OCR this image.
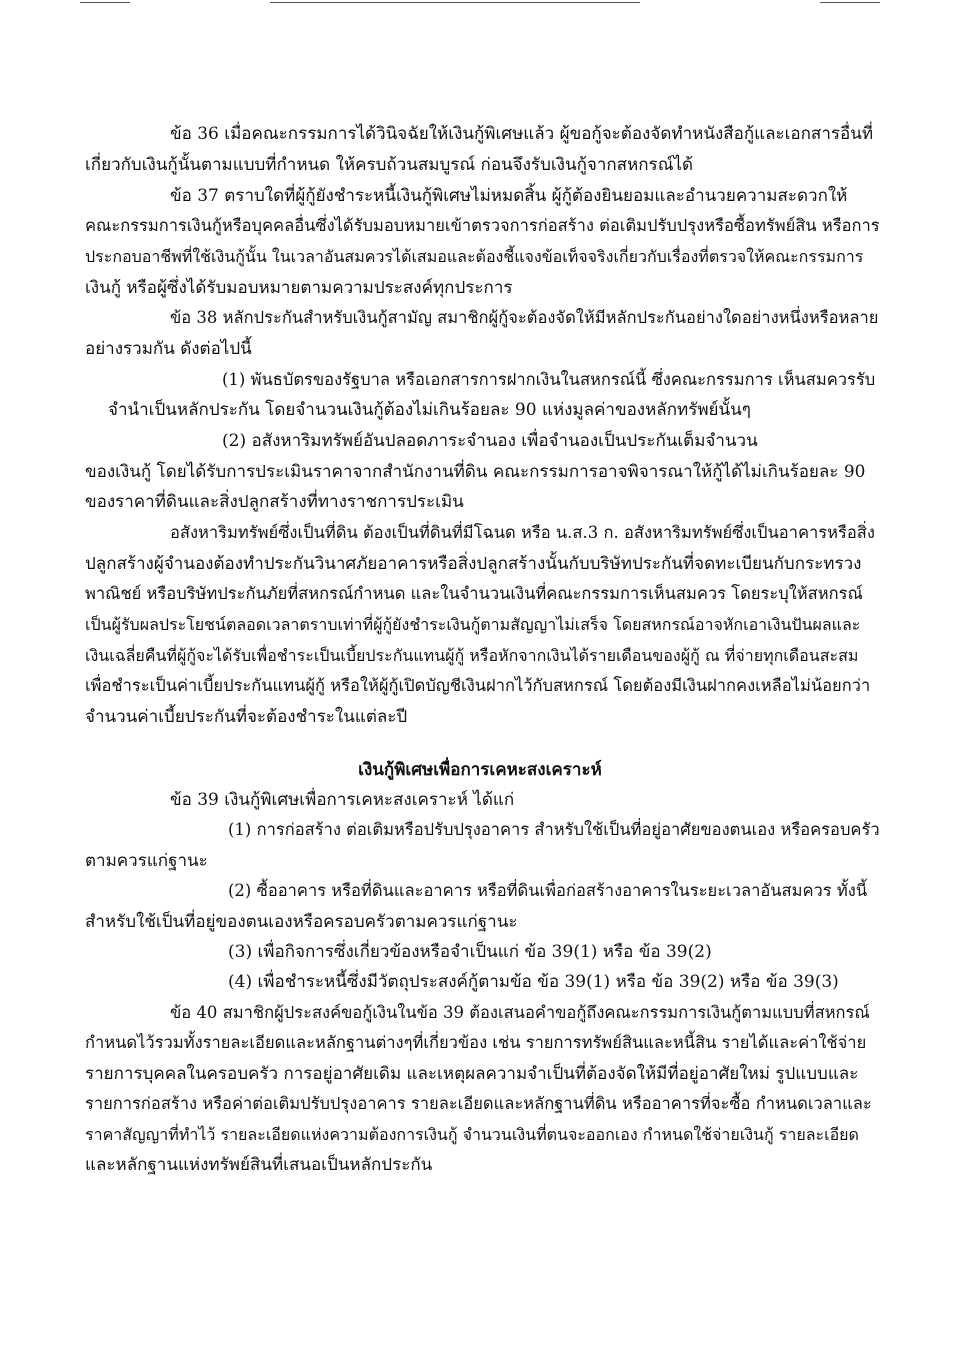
ข้อ 36 เมื่อคณะกรรมการได้วินิจฉัยให้เงินกู้พิเศษแล้ว ผู้ขอกู้จะต้องจัดทำหนังสือกู้และเอกสารอื่นที่
เกี่ยวกับเงินกู้นั้นตามแบบที่กำหนด ให้ครบถ้วนสมบูรณ์ ก่อนจึงรับเงินกู้จากสหกรณ์ได้
ข้อ 37 ตราบใดที่ผู้กู้ยังชำระหนี้เงินกู้พิเศษไม่หมดสิ้น ผู้กู้ต้องยินยอมและอำนวยความสะดวกให้
คณะกรรมการเงินกู้หรือบุคคลอื่นซึ่งได้รับมอบหมายเข้าตรวจการก่อสร้าง ต่อเติมปรับปรุงหรือซื้อทรัพย์สิน หรือการ
ประกอบอาชีพที่ใช้เงินกู้นั้น ในเวลาอันสมควรได้เสมอและต้องชี้แจงข้อเท็จจริงเกี่ยวกับเรื่องที่ตรวจให้คณะกรรมการ
เงินกู้ หรือผู้ซึ่งได้รับมอบหมายตามความประสงค์ทุกประการ
ข้อ 38 หลักประกันสำหรับเงินกู้สามัญ สมาชิกผู้กู้จะต้องจัดให้มีหลักประกันอย่างใดอย่างหนึ่งหรือหลาย
อย่างรวมกัน ดังต่อไปนี้
(1) พันธบัตรของรัฐบาล หรือเอกสารการฝากเงินในสหกรณ์นี้ ซึ่งคณะกรรมการ เห็นสมควรรับ
จำนำเป็นหลักประกัน โดยจำนวนเงินกู้ต้องไม่เกินร้อยละ 90 แห่งมูลค่าของหลักทรัพย์นั้นๆ
(2) อสังหาริมทรัพย์อันปลอดภาระจำนอง เพื่อจำนองเป็นประกันเต็มจำนวน
ของเงินกู้ โดยได้รับการประเมินราคาจากสำนักงานที่ดิน คณะกรรมการอาจพิจารณาให้กู้ได้ไม่เกินร้อยละ 90
ของราคาที่ดินและสิ่งปลูกสร้างที่ทางราชการประเมิน
อสังหาริมทรัพย์ซึ่งเป็นที่ดิน ต้องเป็นที่ดินที่มีโฉนด หรือ น.ส.3 ก. อสังหาริมทรัพย์ซึ่งเป็นอาคารหรือสิ่ง
ปลูกสร้างผู้จำนองต้องทำประกันวินาศภัยอาคารหรือสิ่งปลูกสร้างนั้นกับบริษัทประกันที่จดทะเบียนกับกระทรวง
พาณิชย์ หรือบริษัทประกันภัยที่สหกรณ์กำหนด และในจำนวนเงินที่คณะกรรมการเห็นสมควร โดยระบุให้สหกรณ์
เป็นผู้รับผลประโยชน์ตลอดเวลาตราบเท่าที่ผู้กู้ยังชำระเงินกู้ตามสัญญาไม่เสร็จ โดยสหกรณ์อาจหักเอาเงินปันผลและ
เงินเฉลี่ยคืนที่ผู้กู้จะได้รับเพื่อชำระเป็นเบี้ยประกันแทนผู้กู้ หรือหักจากเงินได้รายเดือนของผู้กู้ ณ ที่จ่ายทุกเดือนสะสม
เพื่อชำระเป็นค่าเบี้ยประกันแทนผู้กู้ หรือให้ผู้กู้เปิดบัญชีเงินฝากไว้กับสหกรณ์ โดยต้องมีเงินฝากคงเหลือไม่น้อยกว่า
จำนวนค่าเบี้ยประกันที่จะต้องชำระในแต่ละปี
เงินกู้พิเศษเพื่อการเคหะสงเคราะห์
ข้อ 39 เงินกู้พิเศษเพื่อการเคหะสงเคราะห์ ได้แก่
(1) การก่อสร้าง ต่อเติมหรือปรับปรุงอาคาร สำหรับใช้เป็นที่อยู่อาศัยของตนเอง หรือครอบครัว
ตามควรแก่ฐานะ
(2) ซื้ออาคาร หรือที่ดินและอาคาร หรือที่ดินเพื่อก่อสร้างอาคารในระยะเวลาอันสมควร ทั้งนี้
สำหรับใช้เป็นที่อยู่ของตนเองหรือครอบครัวตามควรแก่ฐานะ
(3) เพื่อกิจการซึ่งเกี่ยวข้องหรือจำเป็นแก่ ข้อ 39(1) หรือ ข้อ 39(2)
(4) เพื่อชำระหนี้ซึ่งมีวัตถุประสงค์กู้ตามข้อ ข้อ 39(1) หรือ ข้อ 39(2) หรือ ข้อ 39(3)
ข้อ 40 สมาชิกผู้ประสงค์ขอกู้เงินในข้อ 39 ต้องเสนอคำขอกู้ถึงคณะกรรมการเงินกู้ตามแบบที่สหกรณ์
กำหนดไว้รวมทั้งรายละเอียดและหลักฐานต่างๆที่เกี่ยวข้อง เช่น รายการทรัพย์สินและหนี้สิน รายได้และค่าใช้จ่าย
รายการบุคคลในครอบครัว การอยู่อาศัยเดิม และเหตุผลความจำเป็นที่ต้องจัดให้มีที่อยู่อาศัยใหม่ รูปแบบและ
รายการก่อสร้าง หรือค่าต่อเติมปรับปรุงอาคาร รายละเอียดและหลักฐานที่ดิน หรืออาคารที่จะซื้อ กำหนดเวลาและ
ราคาสัญญาที่ทำไว้ รายละเอียดแห่งความต้องการเงินกู้ จำนวนเงินที่ตนจะออกเอง กำหนดใช้จ่ายเงินกู้ รายละเอียด
และหลักฐานแห่งทรัพย์สินที่เสนอเป็นหลักประกัน
